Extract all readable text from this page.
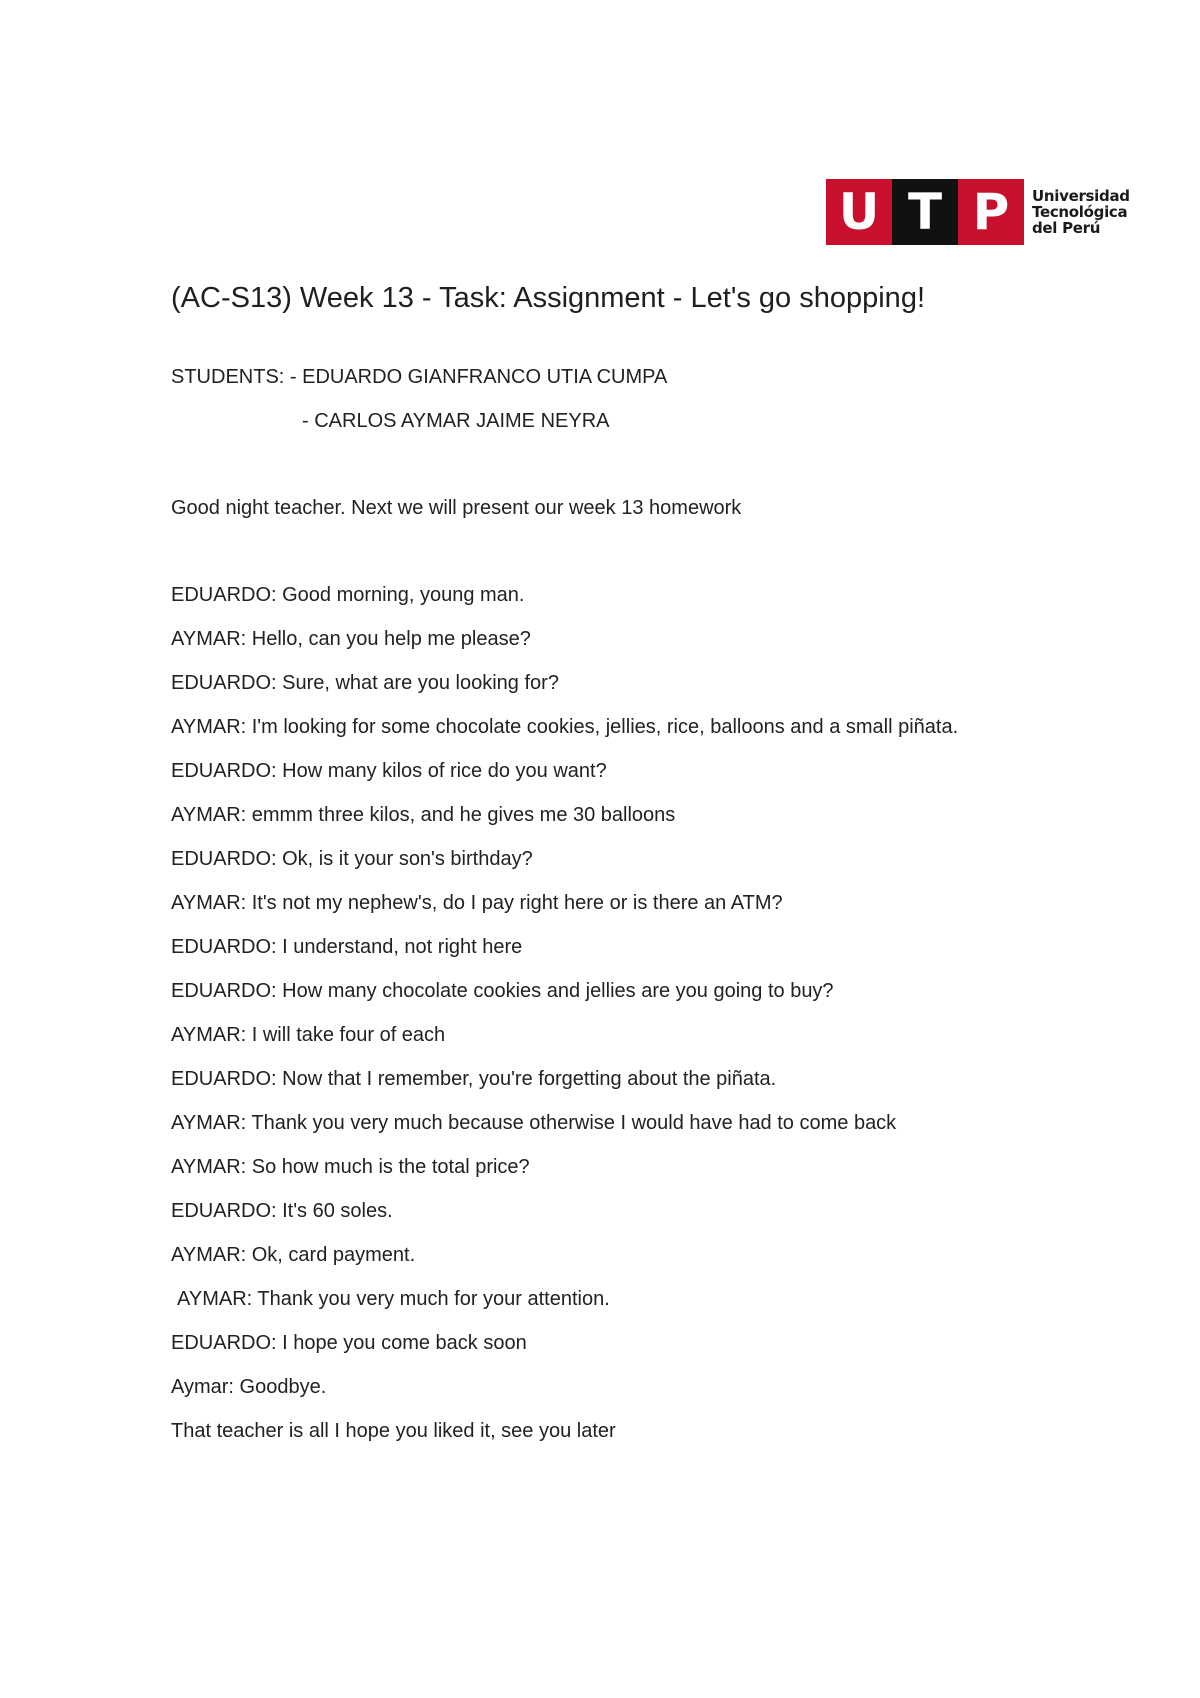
U T P	Universidad
Tecnológica
del Perú
(AC-S13) Week 13 - Task: Assignment - Let's go shopping!
STUDENTS: - EDUARDO GIANFRANCO UTIA CUMPA
- CARLOS AYMAR JAIME NEYRA
Good night teacher. Next we will present our week 13 homework
EDUARDO: Good morning, young man.
AYMAR: Hello, can you help me please?
EDUARDO: Sure, what are you looking for?
AYMAR: I'm looking for some chocolate cookies, jellies, rice, balloons and a small piñata.
EDUARDO: How many kilos of rice do you want?
AYMAR: emmm three kilos, and he gives me 30 balloons
EDUARDO: Ok, is it your son's birthday?
AYMAR: It's not my nephew's, do I pay right here or is there an ATM?
EDUARDO: I understand, not right here
EDUARDO: How many chocolate cookies and jellies are you going to buy?
AYMAR: I will take four of each
EDUARDO: Now that I remember, you're forgetting about the piñata.
AYMAR: Thank you very much because otherwise I would have had to come back
AYMAR: So how much is the total price?
EDUARDO: It's 60 soles.
AYMAR: Ok, card payment.
AYMAR: Thank you very much for your attention.
EDUARDO: I hope you come back soon
Aymar: Goodbye.
That teacher is all I hope you liked it, see you later
